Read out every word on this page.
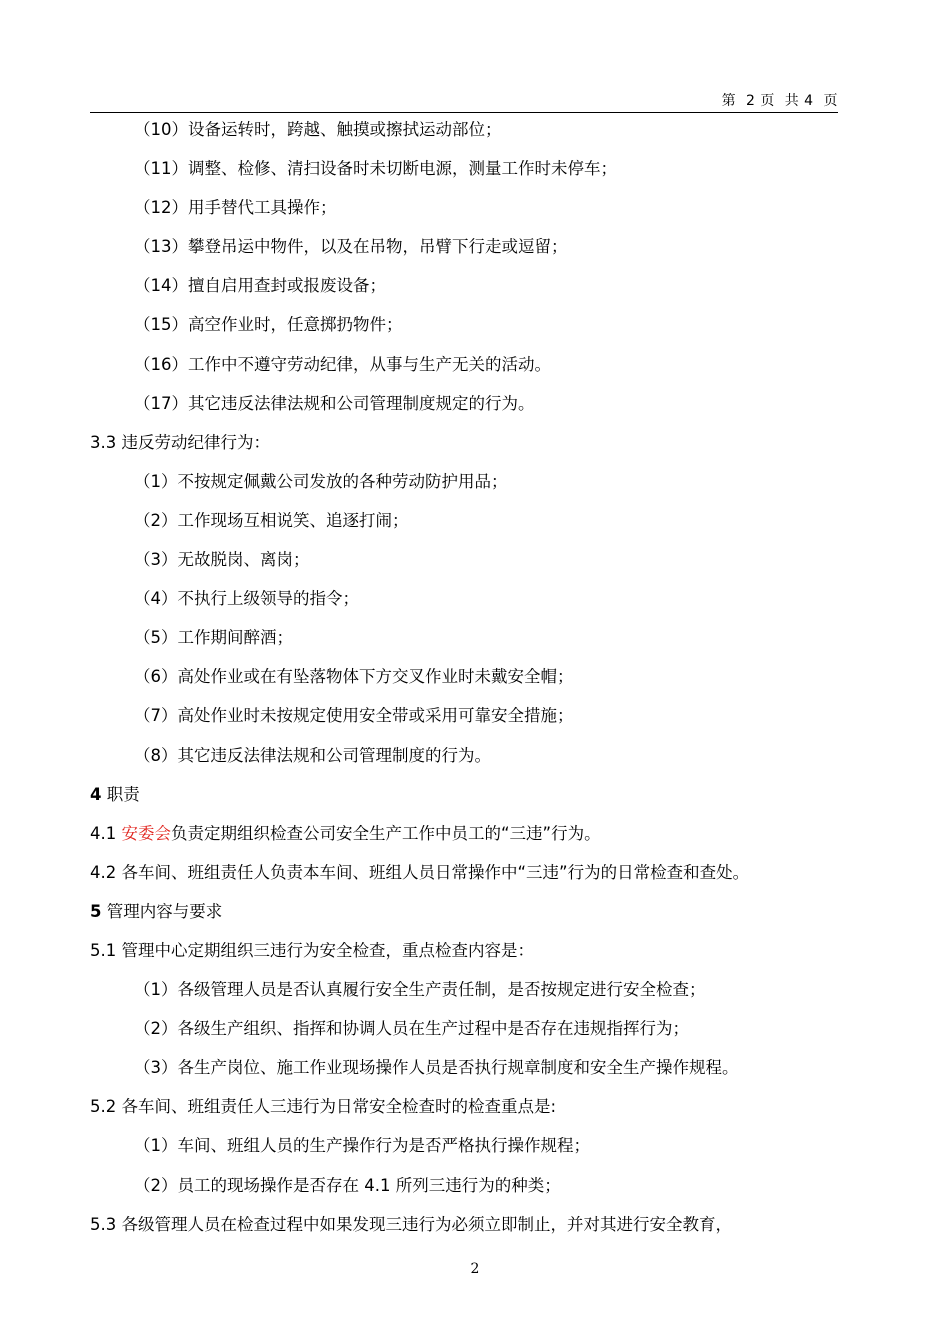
第  2 页  共 4  页
（10）设备运转时，跨越、触摸或擦拭运动部位；
（11）调整、检修、清扫设备时未切断电源，测量工作时未停车；
（12）用手替代工具操作；
（13）攀登吊运中物件，以及在吊物，吊臂下行走或逗留；
（14）擅自启用查封或报废设备；
（15）高空作业时，任意掷扔物件；
（16）工作中不遵守劳动纪律，从事与生产无关的活动。
（17）其它违反法律法规和公司管理制度规定的行为。
3.3 违反劳动纪律行为：
（1）不按规定佩戴公司发放的各种劳动防护用品；
（2）工作现场互相说笑、追逐打闹；
（3）无故脱岗、离岗；
（4）不执行上级领导的指令；
（5）工作期间醉酒；
（6）高处作业或在有坠落物体下方交叉作业时未戴安全帽；
（7）高处作业时未按规定使用安全带或采用可靠安全措施；
（8）其它违反法律法规和公司管理制度的行为。
4 职责
4.1 安委会负责定期组织检查公司安全生产工作中员工的“三违”行为。
4.2 各车间、班组责任人负责本车间、班组人员日常操作中“三违”行为的日常检查和查处。
5 管理内容与要求
5.1 管理中心定期组织三违行为安全检查，重点检查内容是：
（1）各级管理人员是否认真履行安全生产责任制，是否按规定进行安全检查；
（2）各级生产组织、指挥和协调人员在生产过程中是否存在违规指挥行为；
（3）各生产岗位、施工作业现场操作人员是否执行规章制度和安全生产操作规程。
5.2 各车间、班组责任人三违行为日常安全检查时的检查重点是:
（1）车间、班组人员的生产操作行为是否严格执行操作规程；
（2）员工的现场操作是否存在 4.1 所列三违行为的种类；
5.3 各级管理人员在检查过程中如果发现三违行为必须立即制止，并对其进行安全教育，
2
